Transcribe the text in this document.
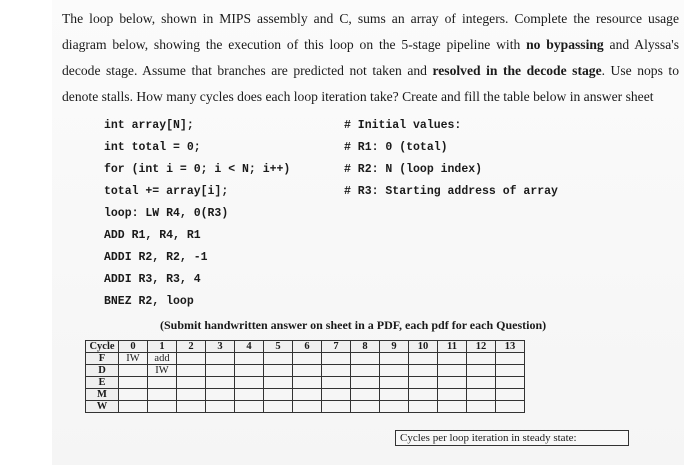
The loop below, shown in MIPS assembly and C, sums an array of integers. Complete the resource usage diagram below, showing the execution of this loop on the 5-stage pipeline with no bypassing and Alyssa's decode stage. Assume that branches are predicted not taken and resolved in the decode stage. Use nops to denote stalls. How many cycles does each loop iteration take? Create and fill the table below in answer sheet

int array[N];
int total = 0;
for (int i = 0; i < N; i++)
total += array[i];
loop: LW R4, 0(R3)
ADD R1, R4, R1
ADDI R2, R2, -1
ADDI R3, R3, 4
BNEZ R2, loop
# Initial values:
# R1: 0 (total)
# R2: N (loop index)
# R3: Starting address of array
(Submit handwritten answer on sheet in a PDF, each pdf for each Question)
Cycle	0	1	2	3	4	5	6	7	8	9	10	11	12	13
F	IW	add												
D		IW												
E														
M														
W														
Cycles per loop iteration in steady state:
